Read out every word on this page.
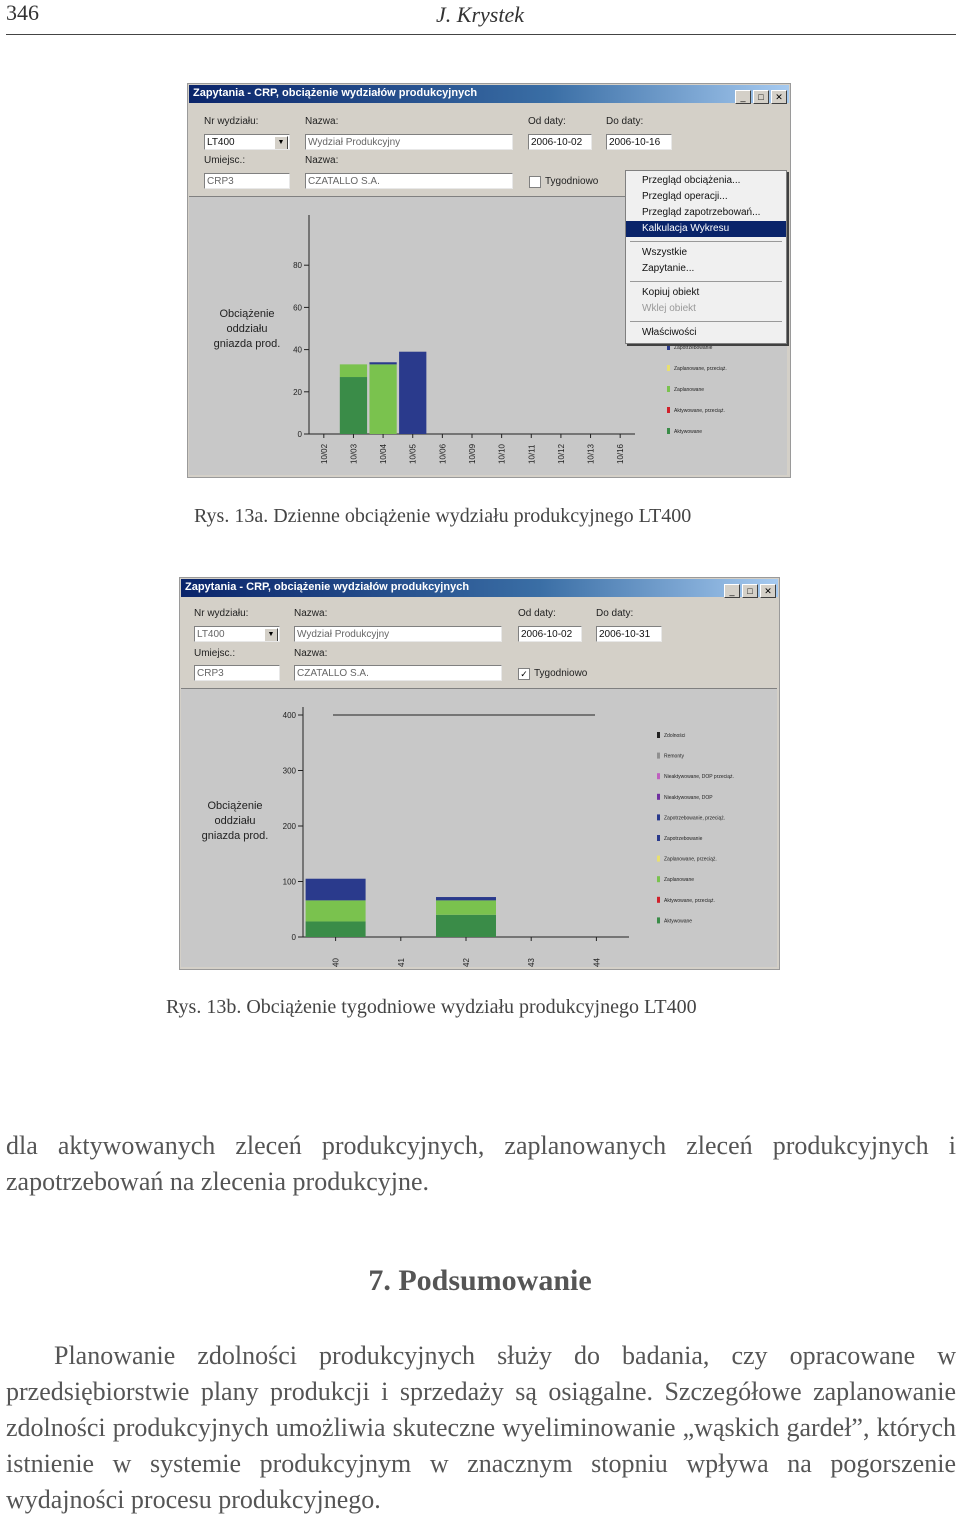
346	J. Krystek
Zapytania - CRP, obciążenie wydziałów produkcyjnych	_ □ ✕
Nr wydziału:
LT400	▼
Nazwa:
Wydział Produkcyjny
Od daty:
2006-10-02
Do daty:
2006-10-16
Umiejsc.:
CRP3
Nazwa:
CZATALLO S.A.	Tygodniowo
Obciążenie oddziału gniazda prod.
0
20
40
60
80
10/02	10/03	10/04	10/05	10/06	10/09	10/10	10/11	10/12	10/13	10/16
Zapotrzebowanie
Zaplanowane, przeciąż.
Zaplanowane
Aktywowane, przeciąż.
Aktywowane
Przegląd obciążenia...
Przegląd operacji...
Przegląd zapotrzebowań...
Kalkulacja Wykresu
Wszystkie
Zapytanie...
Kopiuj obiekt
Wklej obiekt
Właściwości
Rys. 13a. Dzienne obciążenie wydziału produkcyjnego LT400
Zapytania - CRP, obciążenie wydziałów produkcyjnych	_ □ ✕
Nr wydziału:
LT400	▼
Nazwa:
Wydział Produkcyjny
Od daty:
2006-10-02
Do daty:
2006-10-31
Umiejsc.:
CRP3
Nazwa:
CZATALLO S.A.	✓ Tygodniowo
Obciążenie oddziału gniazda prod.
0
100
200
300
400
40	41	42	43	44
Zdolności
Remonty
Nieaktywowane, DOP przeciąż.
Nieaktywowane, DOP
Zapotrzebowanie, przeciąż.
Zapotrzebowanie
Zaplanowane, przeciąż.
Zaplanowane
Aktywowane, przeciąż.
Aktywowane
Rys. 13b. Obciążenie tygodniowe wydziału produkcyjnego LT400
dla aktywowanych zleceń produkcyjnych, zaplanowanych zleceń produkcyjnych i zapotrzebowań na zlecenia produkcyjne.
7. Podsumowanie
Planowanie zdolności produkcyjnych służy do badania, czy opracowane w przedsiębiorstwie plany produkcji i sprzedaży są osiągalne. Szczegółowe zaplanowanie zdolności produkcyjnych umożliwia skuteczne wyeliminowanie „wąskich gardeł”, których istnienie w systemie produkcyjnym w znacznym stopniu wpływa na pogorszenie wydajności procesu produkcyjnego.
